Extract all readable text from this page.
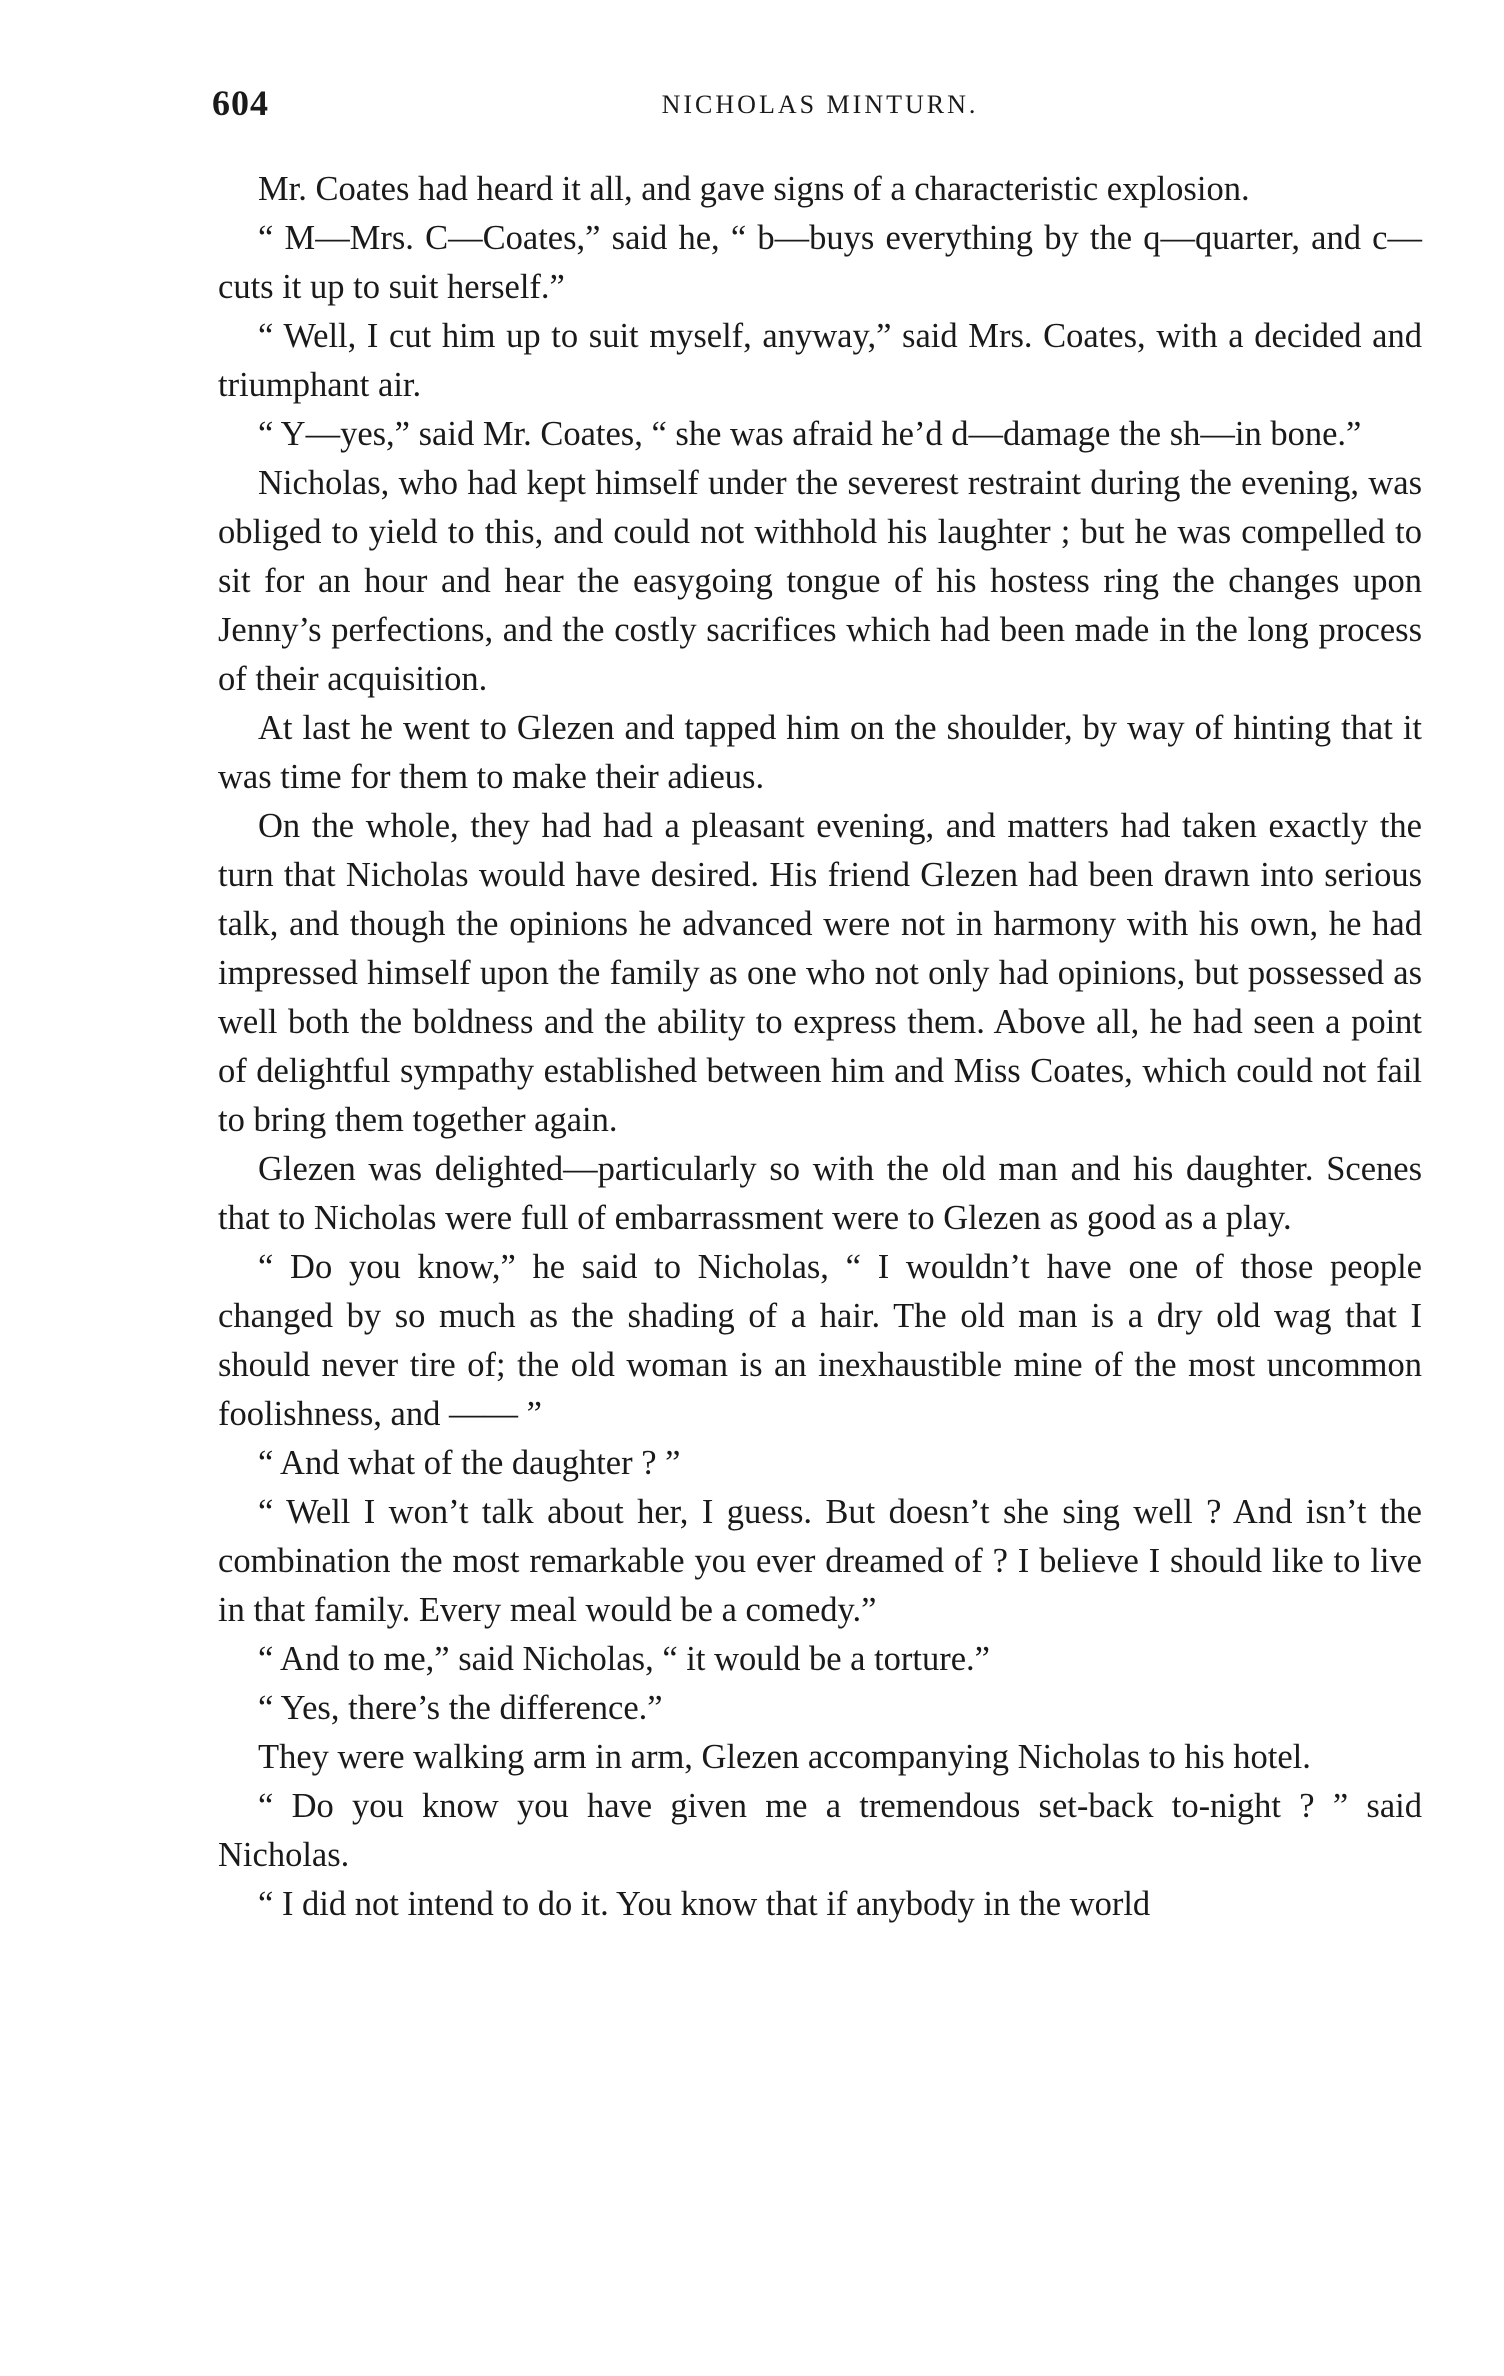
604	NICHOLAS MINTURN.

Mr. Coates had heard it all, and gave signs of a characteristic explosion.

“ M—Mrs. C—Coates,” said he, “ b—buys everything by the q—quarter, and c—cuts it up to suit herself.”

“ Well, I cut him up to suit myself, anyway,” said Mrs. Coates, with a decided and triumphant air.

“ Y—yes,” said Mr. Coates, “ she was afraid he’d d—damage the sh—in bone.”

Nicholas, who had kept himself under the severest restraint during the evening, was obliged to yield to this, and could not withhold his laughter ; but he was compelled to sit for an hour and hear the easygoing tongue of his hostess ring the changes upon Jenny’s perfections, and the costly sacrifices which had been made in the long process of their acquisition.

At last he went to Glezen and tapped him on the shoulder, by way of hinting that it was time for them to make their adieus.

On the whole, they had had a pleasant evening, and matters had taken exactly the turn that Nicholas would have desired. His friend Glezen had been drawn into serious talk, and though the opinions he advanced were not in harmony with his own, he had impressed himself upon the family as one who not only had opinions, but possessed as well both the boldness and the ability to express them. Above all, he had seen a point of delightful sympathy established between him and Miss Coates, which could not fail to bring them together again.

Glezen was delighted—particularly so with the old man and his daughter. Scenes that to Nicholas were full of embarrassment were to Glezen as good as a play.

“ Do you know,” he said to Nicholas, “ I wouldn’t have one of those people changed by so much as the shading of a hair. The old man is a dry old wag that I should never tire of; the old woman is an inexhaustible mine of the most uncommon foolishness, and —— ”

“ And what of the daughter ? ”

“ Well I won’t talk about her, I guess. But doesn’t she sing well ? And isn’t the combination the most remarkable you ever dreamed of ? I believe I should like to live in that family. Every meal would be a comedy.”

“ And to me,” said Nicholas, “ it would be a torture.”

“ Yes, there’s the difference.”

They were walking arm in arm, Glezen accompanying Nicholas to his hotel.

“ Do you know you have given me a tremendous set-back to-night ? ” said Nicholas.

“ I did not intend to do it. You know that if anybody in the world
